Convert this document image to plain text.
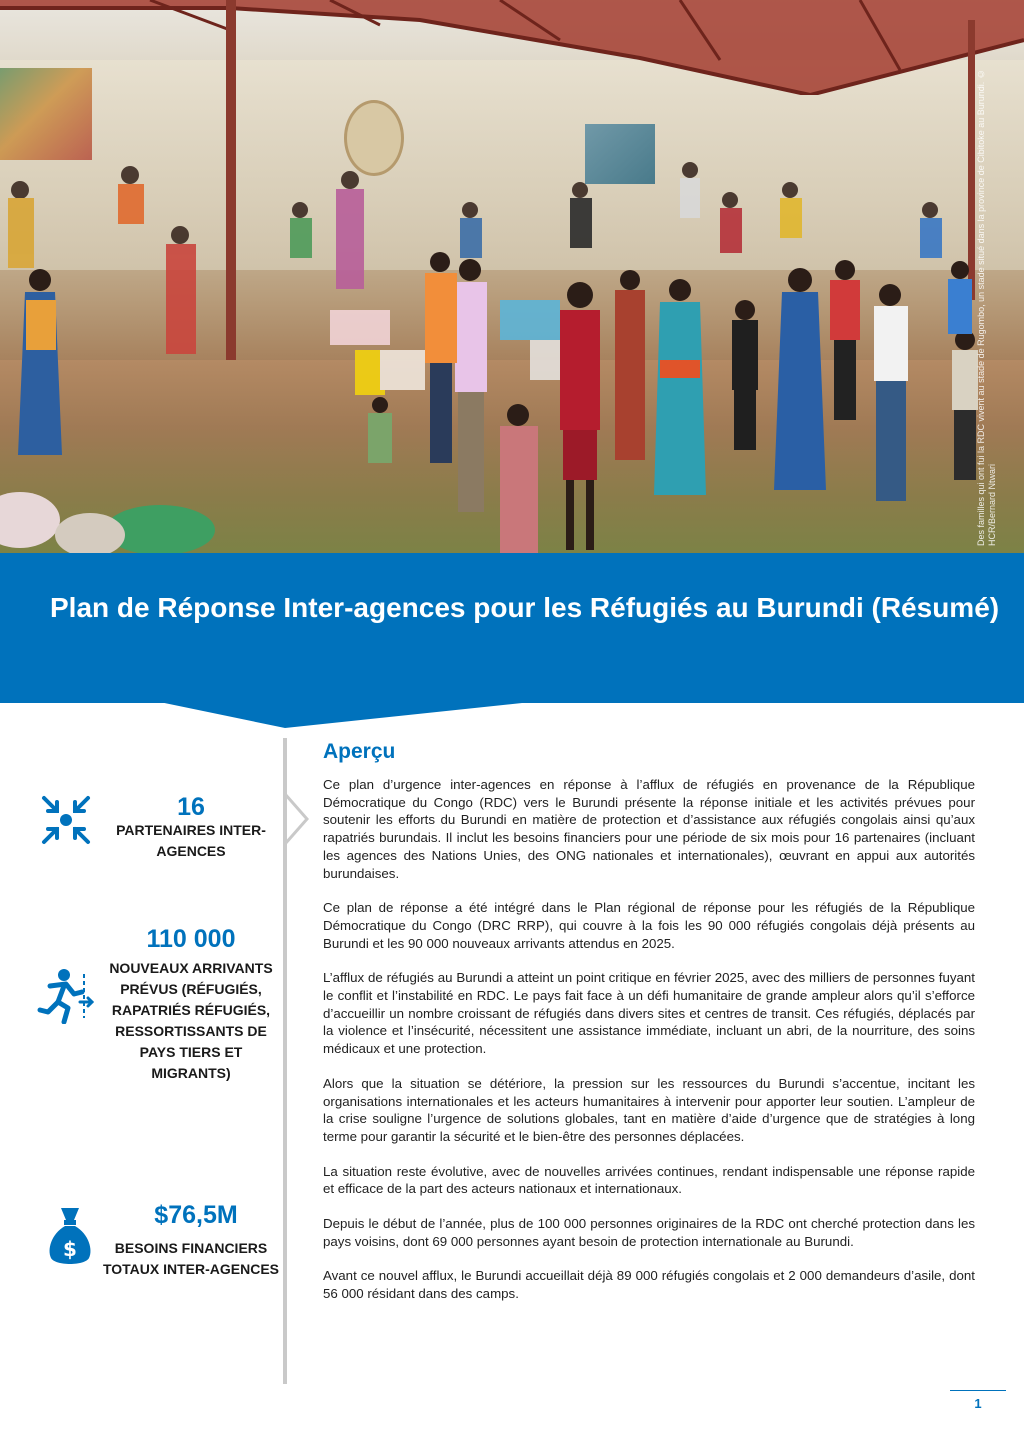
Des familles qui ont fui la RDC vivent au stade de Rugombo, un stade situé dans la province de Cibitoke au Burundi. © HCR/Bernard Ntwari
Plan de Réponse Inter-agences pour les Réfugiés au Burundi (Résumé)
16
PARTENAIRES INTER-AGENCES
110 000
NOUVEAUX ARRIVANTS PRÉVUS (RÉFUGIÉS, RAPATRIÉS RÉFUGIÉS, RESSORTISSANTS DE PAYS TIERS ET MIGRANTS)
$
$76,5M
BESOINS FINANCIERS TOTAUX INTER-AGENCES
Aperçu

Ce plan d’urgence inter-agences en réponse à l’afflux de réfugiés en provenance de la République Démocratique du Congo (RDC) vers le Burundi présente la réponse initiale et les activités prévues pour soutenir les efforts du Burundi en matière de protection et d’assistance aux réfugiés congolais ainsi qu’aux rapatriés burundais. Il inclut les besoins financiers pour une période de six mois pour 16 partenaires (incluant les agences des Nations Unies, des ONG nationales et internationales), œuvrant en appui aux autorités burundaises.

Ce plan de réponse a été intégré dans le Plan régional de réponse pour les réfugiés de la République Démocratique du Congo (DRC RRP), qui couvre à la fois les 90 000 réfugiés congolais déjà présents au Burundi et les 90 000 nouveaux arrivants attendus en 2025.

L’afflux de réfugiés au Burundi a atteint un point critique en février 2025, avec des milliers de personnes fuyant le conflit et l’instabilité en RDC. Le pays fait face à un défi humanitaire de grande ampleur alors qu’il s’efforce d’accueillir un nombre croissant de réfugiés dans divers sites et centres de transit. Ces réfugiés, déplacés par la violence et l’insécurité, nécessitent une assistance immédiate, incluant un abri, de la nourriture, des soins médicaux et une protection.

Alors que la situation se détériore, la pression sur les ressources du Burundi s’accentue, incitant les organisations internationales et les acteurs humanitaires à intervenir pour apporter leur soutien. L’ampleur de la crise souligne l’urgence de solutions globales, tant en matière d’aide d’urgence que de stratégies à long terme pour garantir la sécurité et le bien-être des personnes déplacées.

La situation reste évolutive, avec de nouvelles arrivées continues, rendant indispensable une réponse rapide et efficace de la part des acteurs nationaux et internationaux.

Depuis le début de l’année, plus de 100 000 personnes originaires de la RDC ont cherché protection dans les pays voisins, dont 69 000 personnes ayant besoin de protection internationale au Burundi.

Avant ce nouvel afflux, le Burundi accueillait déjà 89 000 réfugiés congolais et 2 000 demandeurs d’asile, dont 56 000 résidant dans des camps.

1
